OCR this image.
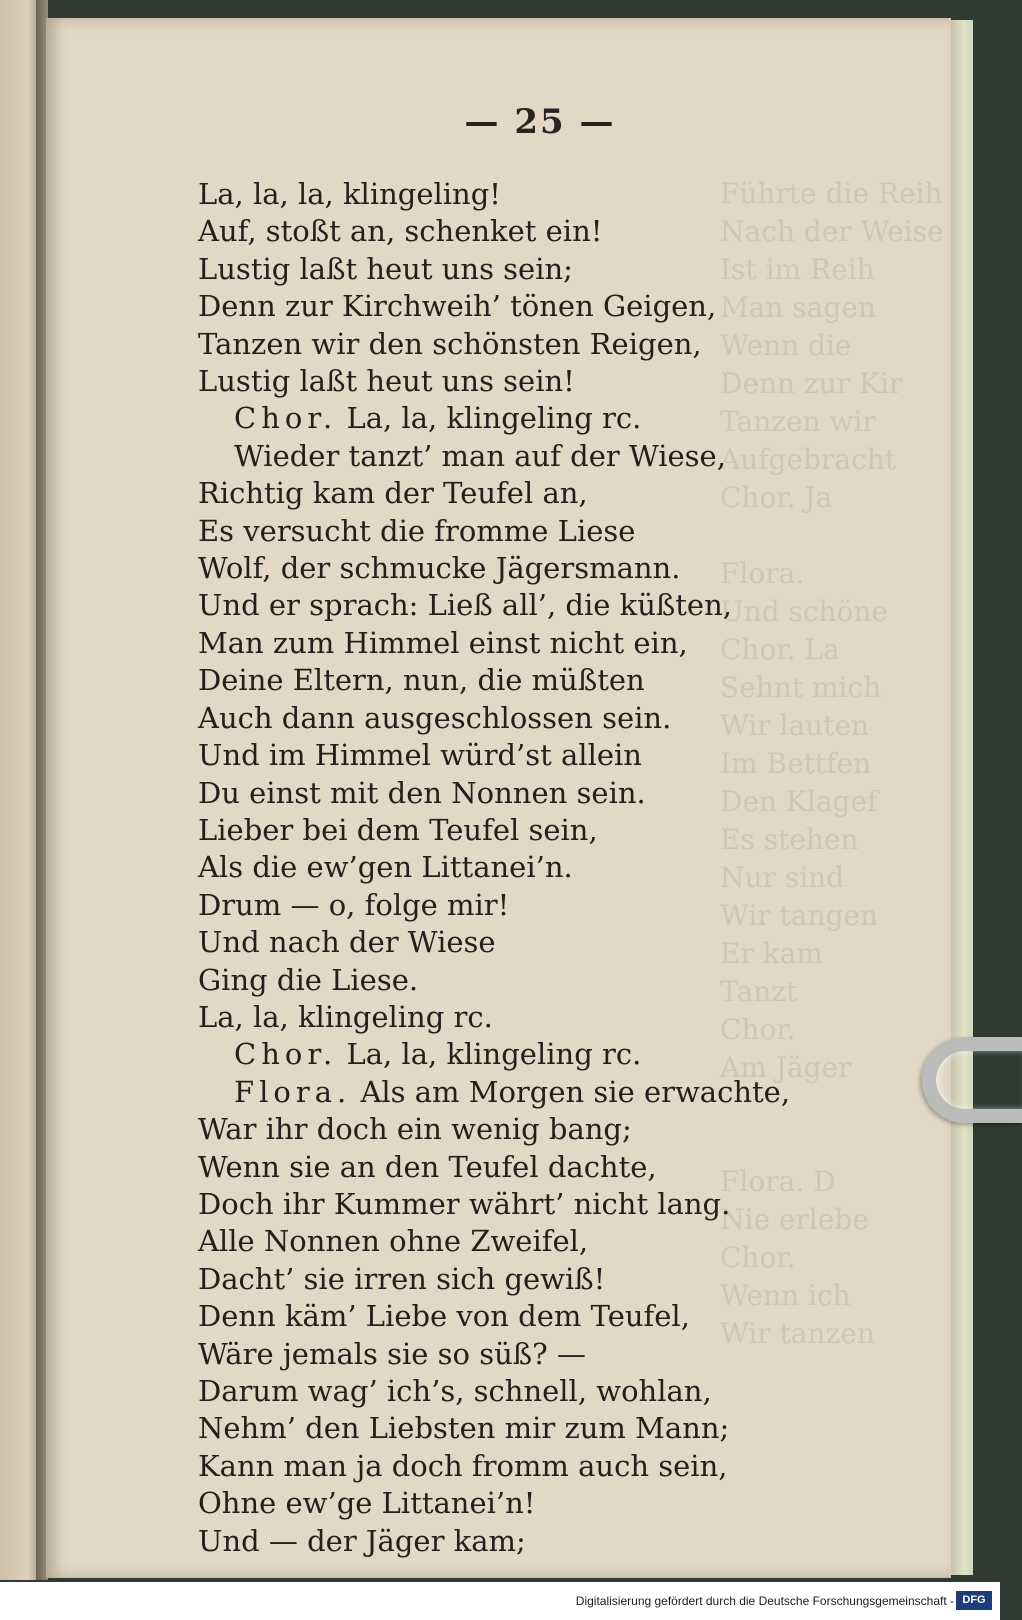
Führte die
Nach der
Ist im Reih
Man sagen
Wenn die
Denn zur Kir
Tanzen wir
Aufgebracht
Chor. Ja

Flora.
Und schöne
Chor. La
Sehnt mich
Wir lauten
Im Bettfen
Den Klagef
Es stehen
Nur sind
Wir tangen
Er kam
Tanzt
Chor.
Am Jäger

Flora. D
Nie erlebe
Chor.
Wenn ich
Wir tanzen
— 25 —
La, la, la, klingeling!
Auf, stoßt an, schenket ein!
Lustig laßt heut uns sein;
Denn zur Kirchweih’ tönen Geigen,
Tanzen wir den schönsten Reigen,
Lustig laßt heut uns sein!
Chor. La, la, klingeling rc.
Wieder tanzt’ man auf der Wiese,
Richtig kam der Teufel an,
Es versucht die fromme Liese
Wolf, der schmucke Jägersmann.
Und er sprach: Ließ all’, die küßten,
Man zum Himmel einst nicht ein,
Deine Eltern, nun, die müßten
Auch dann ausgeschlossen sein.
Und im Himmel würd’st allein
Du einst mit den Nonnen sein.
Lieber bei dem Teufel sein,
Als die ew’gen Littanei’n.
Drum — o, folge mir!
Und nach der Wiese
Ging die Liese.
La, la, klingeling rc.
Chor. La, la, klingeling rc.
Flora. Als am Morgen sie erwachte,
War ihr doch ein wenig bang;
Wenn sie an den Teufel dachte,
Doch ihr Kummer währt’ nicht lang.
Alle Nonnen ohne Zweifel,
Dacht’ sie irren sich gewiß!
Denn käm’ Liebe von dem Teufel,
Wäre jemals sie so süß? —
Darum wag’ ich’s, schnell, wohlan,
Nehm’ den Liebsten mir zum Mann;
Kann man ja doch fromm auch sein,
Ohne ew’ge Littanei’n!
Und — der Jäger kam;
Digitalisierung gefördert durch die Deutsche Forschungsgemeinschaft - DFG
